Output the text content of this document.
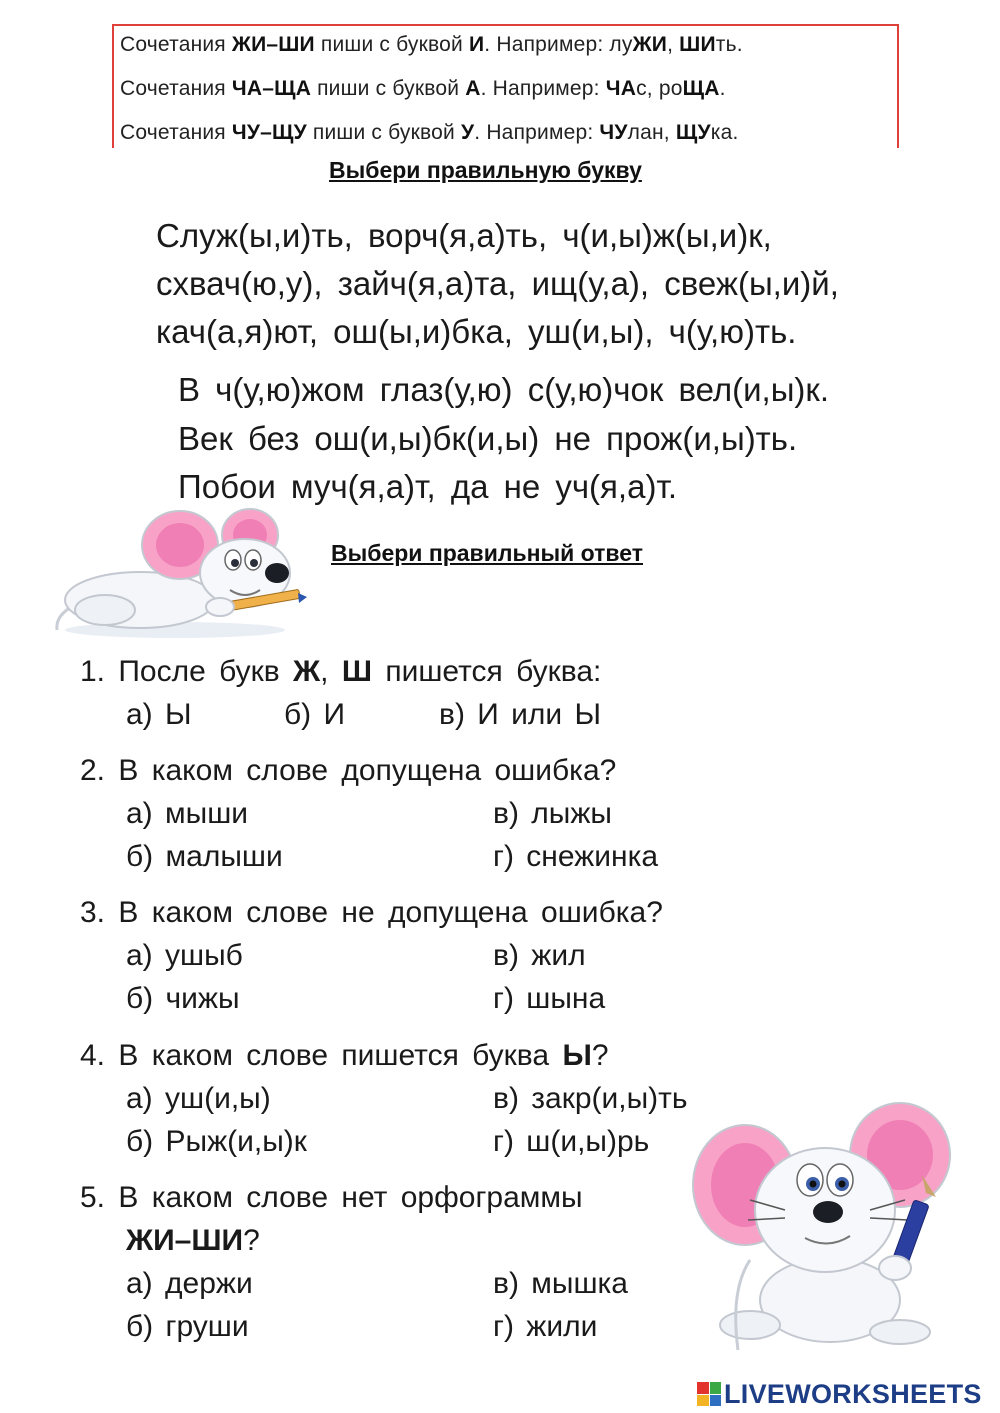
Сочетания ЖИ–ШИ пиши с буквой И. Например: луЖИ, ШИть.
Сочетания ЧА–ЩА пиши с буквой А. Например: ЧАс, роЩА.
Сочетания ЧУ–ЩУ пиши с буквой У. Например: ЧУлан, ЩУка.
Выбери правильную букву
Служ(ы,и)ть, ворч(я,а)ть, ч(и,ы)ж(ы,и)к,
схвач(ю,у), зайч(я,а)та, ищ(у,а), свеж(ы,и)й,
кач(а,я)ют, ош(ы,и)бка, уш(и,ы), ч(у,ю)ть.
В ч(у,ю)жом глаз(у,ю) с(у,ю)чок вел(и,ы)к.
Век без ош(и,ы)бк(и,ы) не прож(и,ы)ть.
Побои муч(я,а)т, да не уч(я,а)т.
Выбери правильный ответ
1. После букв Ж, Ш пишется буква:
а) Ы	б) И	в) И или Ы
2. В каком слове допущена ошибка?
а) мыши	в) лыжы
б) малыши	г) снежинка
3. В каком слове не допущена ошибка?
а) ушыб	в) жил
б) чижы	г) шына
4. В каком слове пишется буква Ы?
а) уш(и,ы)	в) закр(и,ы)ть
б) Рыж(и,ы)к	г) ш(и,ы)рь
5. В каком слове нет орфограммы
ЖИ–ШИ?
а) держи	в) мышка
б) груши	г) жили
LIVEWORKSHEETS
